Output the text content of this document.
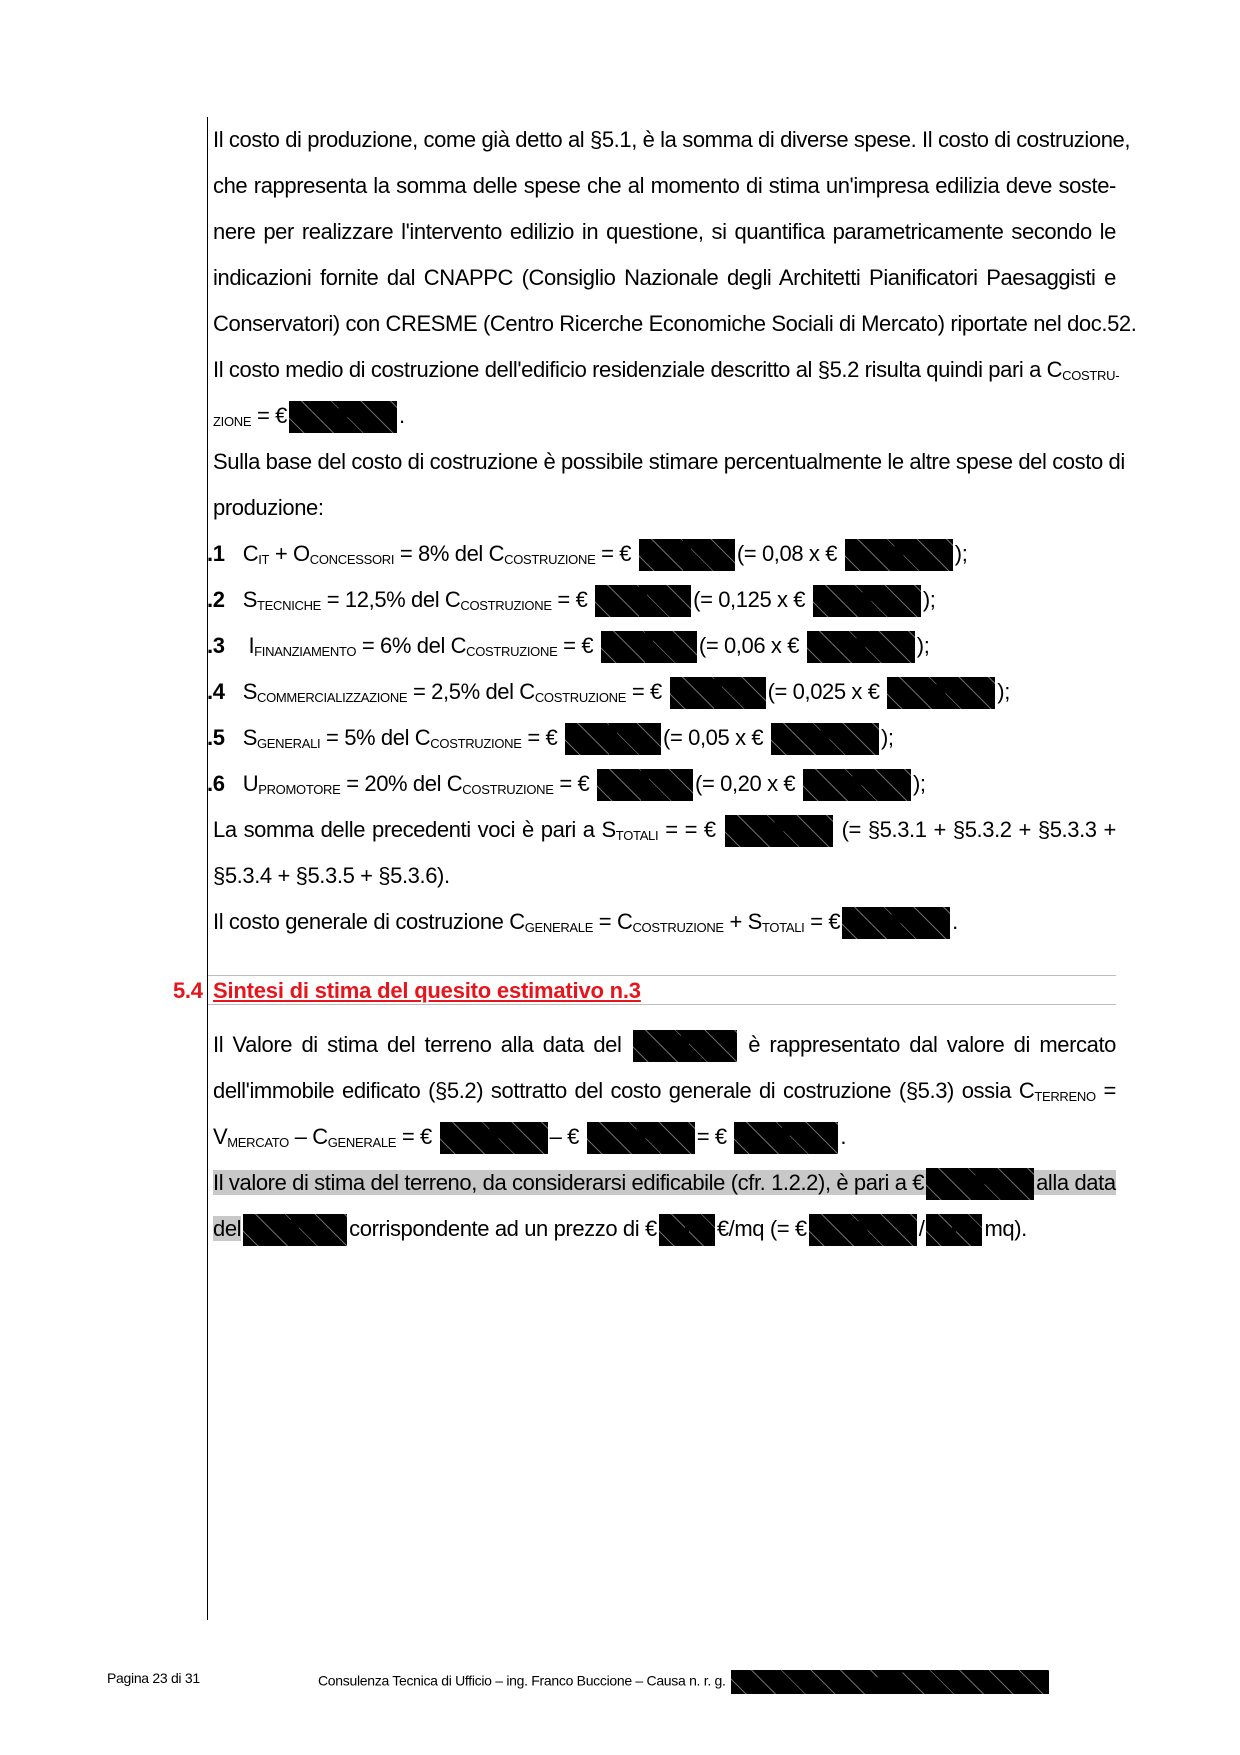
Il costo di produzione, come già detto al §5.1, è la somma di diverse spese. Il costo di costruzione,
che rappresenta la somma delle spese che al momento di stima un'impresa edilizia deve soste-
nere per realizzare l'intervento edilizio in questione, si quantifica parametricamente secondo le
indicazioni fornite dal CNAPPC (Consiglio Nazionale degli Architetti Pianificatori Paesaggisti e
Conservatori) con CRESME (Centro Ricerche Economiche Sociali di Mercato) riportate nel doc.52.
Il costo medio di costruzione dell'edificio residenziale descritto al §5.2 risulta quindi pari a $C_{COSTRU-}$
$_{ZIONE}$ = €	.
Sulla base del costo di costruzione è possibile stimare percentualmente le altre spese del costo di
produzione:
.1 $C_{IT} + O_{CONCESSORI} = 8\%$ del $C_{COSTRUZIONE}$ = €	(= 0,08 x €	);
.2 $S_{TECNICHE} = 12,5\%$ del $C_{COSTRUZIONE}$ = €	(= 0,125 x €	);
.3 $I_{FINANZIAMENTO} = 6\%$ del $C_{COSTRUZIONE}$ = €	(= 0,06 x €	);
.4 $S_{COMMERCIALIZZAZIONE} = 2,5\%$ del $C_{COSTRUZIONE}$ = €	(= 0,025 x €	);
.5 $S_{GENERALI} = 5\%$ del $C_{COSTRUZIONE}$ = €	(= 0,05 x €	);
.6 $U_{PROMOTORE} = 20\%$ del $C_{COSTRUZIONE}$ = €	(= 0,20 x €	);
La somma delle precedenti voci è pari a $S_{TOTALI}$ = = €	(= §5.3.1 + §5.3.2 + §5.3.3 +
§5.3.4 + §5.3.5 + §5.3.6).
Il costo generale di costruzione $C_{GENERALE} = C_{COSTRUZIONE} + S_{TOTALI}$ = €	.
5.4 Sintesi di stima del quesito estimativo n.3
Il Valore di stima del terreno alla data del	è rappresentato dal valore di mercato
dell'immobile edificato (§5.2) sottratto del costo generale di costruzione (§5.3) ossia $C_{TERRENO}$ =
$V_{MERCATO} - C_{GENERALE}$ = €	– €	= €	.
Il valore di stima del terreno, da considerarsi edificabile (cfr. 1.2.2), è pari a €	alla data
del	corrispondente ad un prezzo di €	€/mq (= €	/	mq).
Pagina 23 di 31	Consulenza Tecnica di Ufficio – ing. Franco Buccione – Causa n. r. g.
